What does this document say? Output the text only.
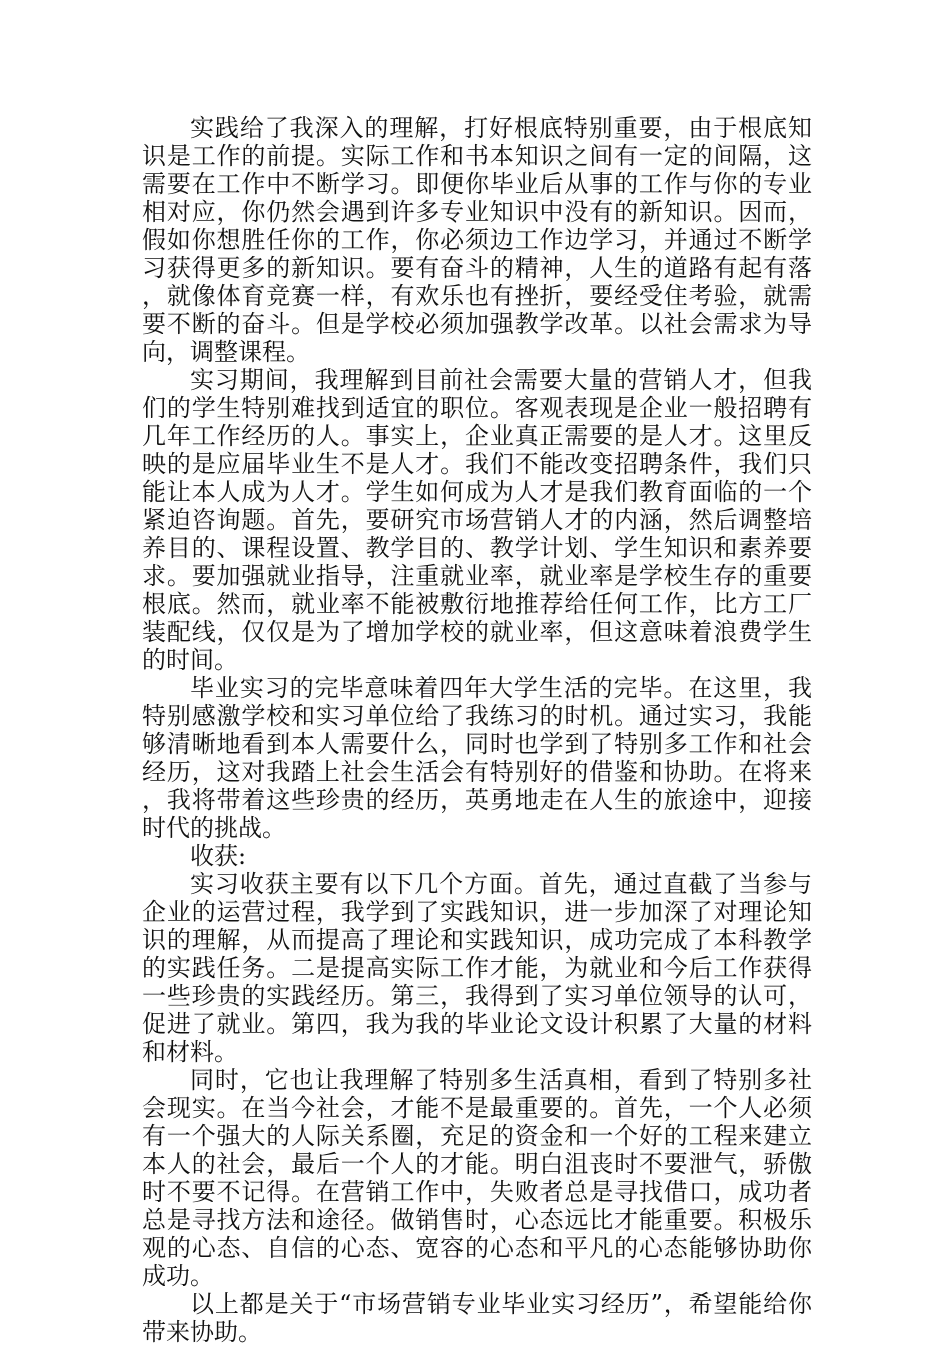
实践给了我深入的理解，打好根底特别重要，由于根底知识是工作的前提。实际工作和书本知识之间有一定的间隔，这需要在工作中不断学习。即便你毕业后从事的工作与你的专业相对应，你仍然会遇到许多专业知识中没有的新知识。因而，假如你想胜任你的工作，你必须边工作边学习，并通过不断学习获得更多的新知识。要有奋斗的精神，人生的道路有起有落，就像体育竞赛一样，有欢乐也有挫折，要经受住考验，就需要不断的奋斗。但是学校必须加强教学改革。以社会需求为导向，调整课程。

实习期间，我理解到目前社会需要大量的营销人才，但我们的学生特别难找到适宜的职位。客观表现是企业一般招聘有几年工作经历的人。事实上，企业真正需要的是人才。这里反映的是应届毕业生不是人才。我们不能改变招聘条件，我们只能让本人成为人才。学生如何成为人才是我们教育面临的一个紧迫咨询题。首先，要研究市场营销人才的内涵，然后调整培养目的、课程设置、教学目的、教学计划、学生知识和素养要求。要加强就业指导，注重就业率，就业率是学校生存的重要根底。然而，就业率不能被敷衍地推荐给任何工作，比方工厂装配线，仅仅是为了增加学校的就业率，但这意味着浪费学生的时间。

毕业实习的完毕意味着四年大学生活的完毕。在这里，我特别感激学校和实习单位给了我练习的时机。通过实习，我能够清晰地看到本人需要什么，同时也学到了特别多工作和社会经历，这对我踏上社会生活会有特别好的借鉴和协助。在将来，我将带着这些珍贵的经历，英勇地走在人生的旅途中，迎接时代的挑战。

收获:

实习收获主要有以下几个方面。首先，通过直截了当参与企业的运营过程，我学到了实践知识，进一步加深了对理论知识的理解，从而提高了理论和实践知识，成功完成了本科教学的实践任务。二是提高实际工作才能，为就业和今后工作获得一些珍贵的实践经历。第三，我得到了实习单位领导的认可，促进了就业。第四，我为我的毕业论文设计积累了大量的材料和材料。

同时，它也让我理解了特别多生活真相，看到了特别多社会现实。在当今社会，才能不是最重要的。首先，一个人必须有一个强大的人际关系圈，充足的资金和一个好的工程来建立本人的社会，最后一个人的才能。明白沮丧时不要泄气，骄傲时不要不记得。在营销工作中，失败者总是寻找借口，成功者总是寻找方法和途径。做销售时，心态远比才能重要。积极乐观的心态、自信的心态、宽容的心态和平凡的心态能够协助你成功。

以上都是关于“市场营销专业毕业实习经历”，希望能给你带来协助。
